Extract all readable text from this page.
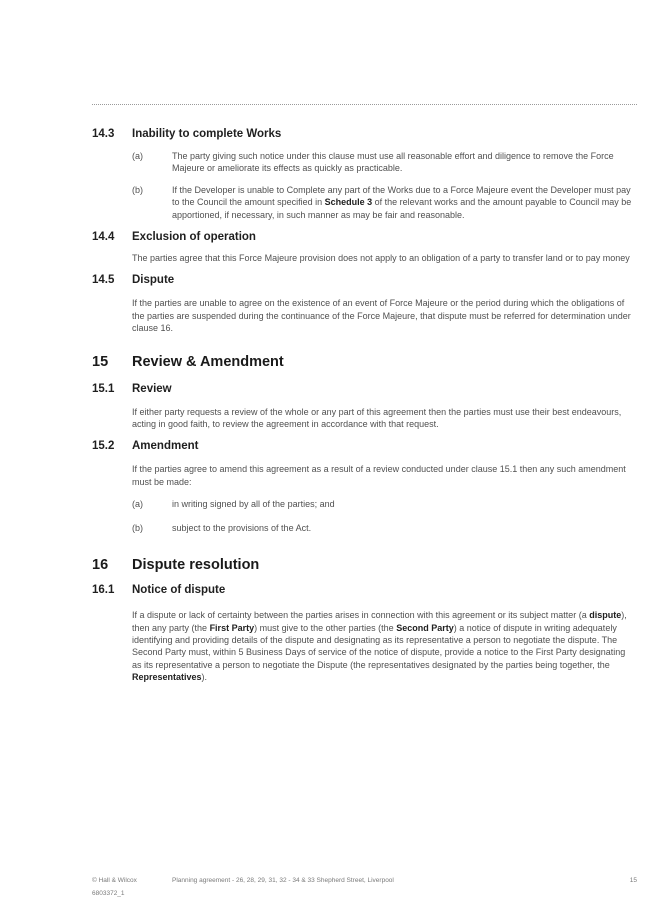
14.3	Inability to complete Works
(a)	The party giving such notice under this clause must use all reasonable effort and diligence to remove the Force Majeure or ameliorate its effects as quickly as practicable.
(b)	If the Developer is unable to Complete any part of the Works due to a Force Majeure event the Developer must pay to the Council the amount specified in Schedule 3 of the relevant works and the amount payable to Council may be apportioned, if necessary, in such manner as may be fair and reasonable.
14.4	Exclusion of operation
The parties agree that this Force Majeure provision does not apply to an obligation of a party to transfer land or to pay money
14.5	Dispute
If the parties are unable to agree on the existence of an event of Force Majeure or the period during which the obligations of the parties are suspended during the continuance of the Force Majeure, that dispute must be referred for determination under clause 16.
15	Review & Amendment
15.1	Review
If either party requests a review of the whole or any part of this agreement then the parties must use their best endeavours, acting in good faith, to review the agreement in accordance with that request.
15.2	Amendment
If the parties agree to amend this agreement as a result of a review conducted under clause 15.1 then any such amendment must be made:
(a)	in writing signed by all of the parties; and
(b)	subject to the provisions of the Act.
16	Dispute resolution
16.1	Notice of dispute
If a dispute or lack of certainty between the parties arises in connection with this agreement or its subject matter (a dispute), then any party (the First Party) must give to the other parties (the Second Party) a notice of dispute in writing adequately identifying and providing details of the dispute and designating as its representative a person to negotiate the dispute. The Second Party must, within 5 Business Days of service of the notice of dispute, provide a notice to the First Party designating as its representative a person to negotiate the Dispute (the representatives designated by the parties being together, the Representatives).
© Hall & Wilcox	Planning agreement - 26, 28, 29, 31, 32 - 34 & 33 Shepherd Street, Liverpool	15
6803372_1
